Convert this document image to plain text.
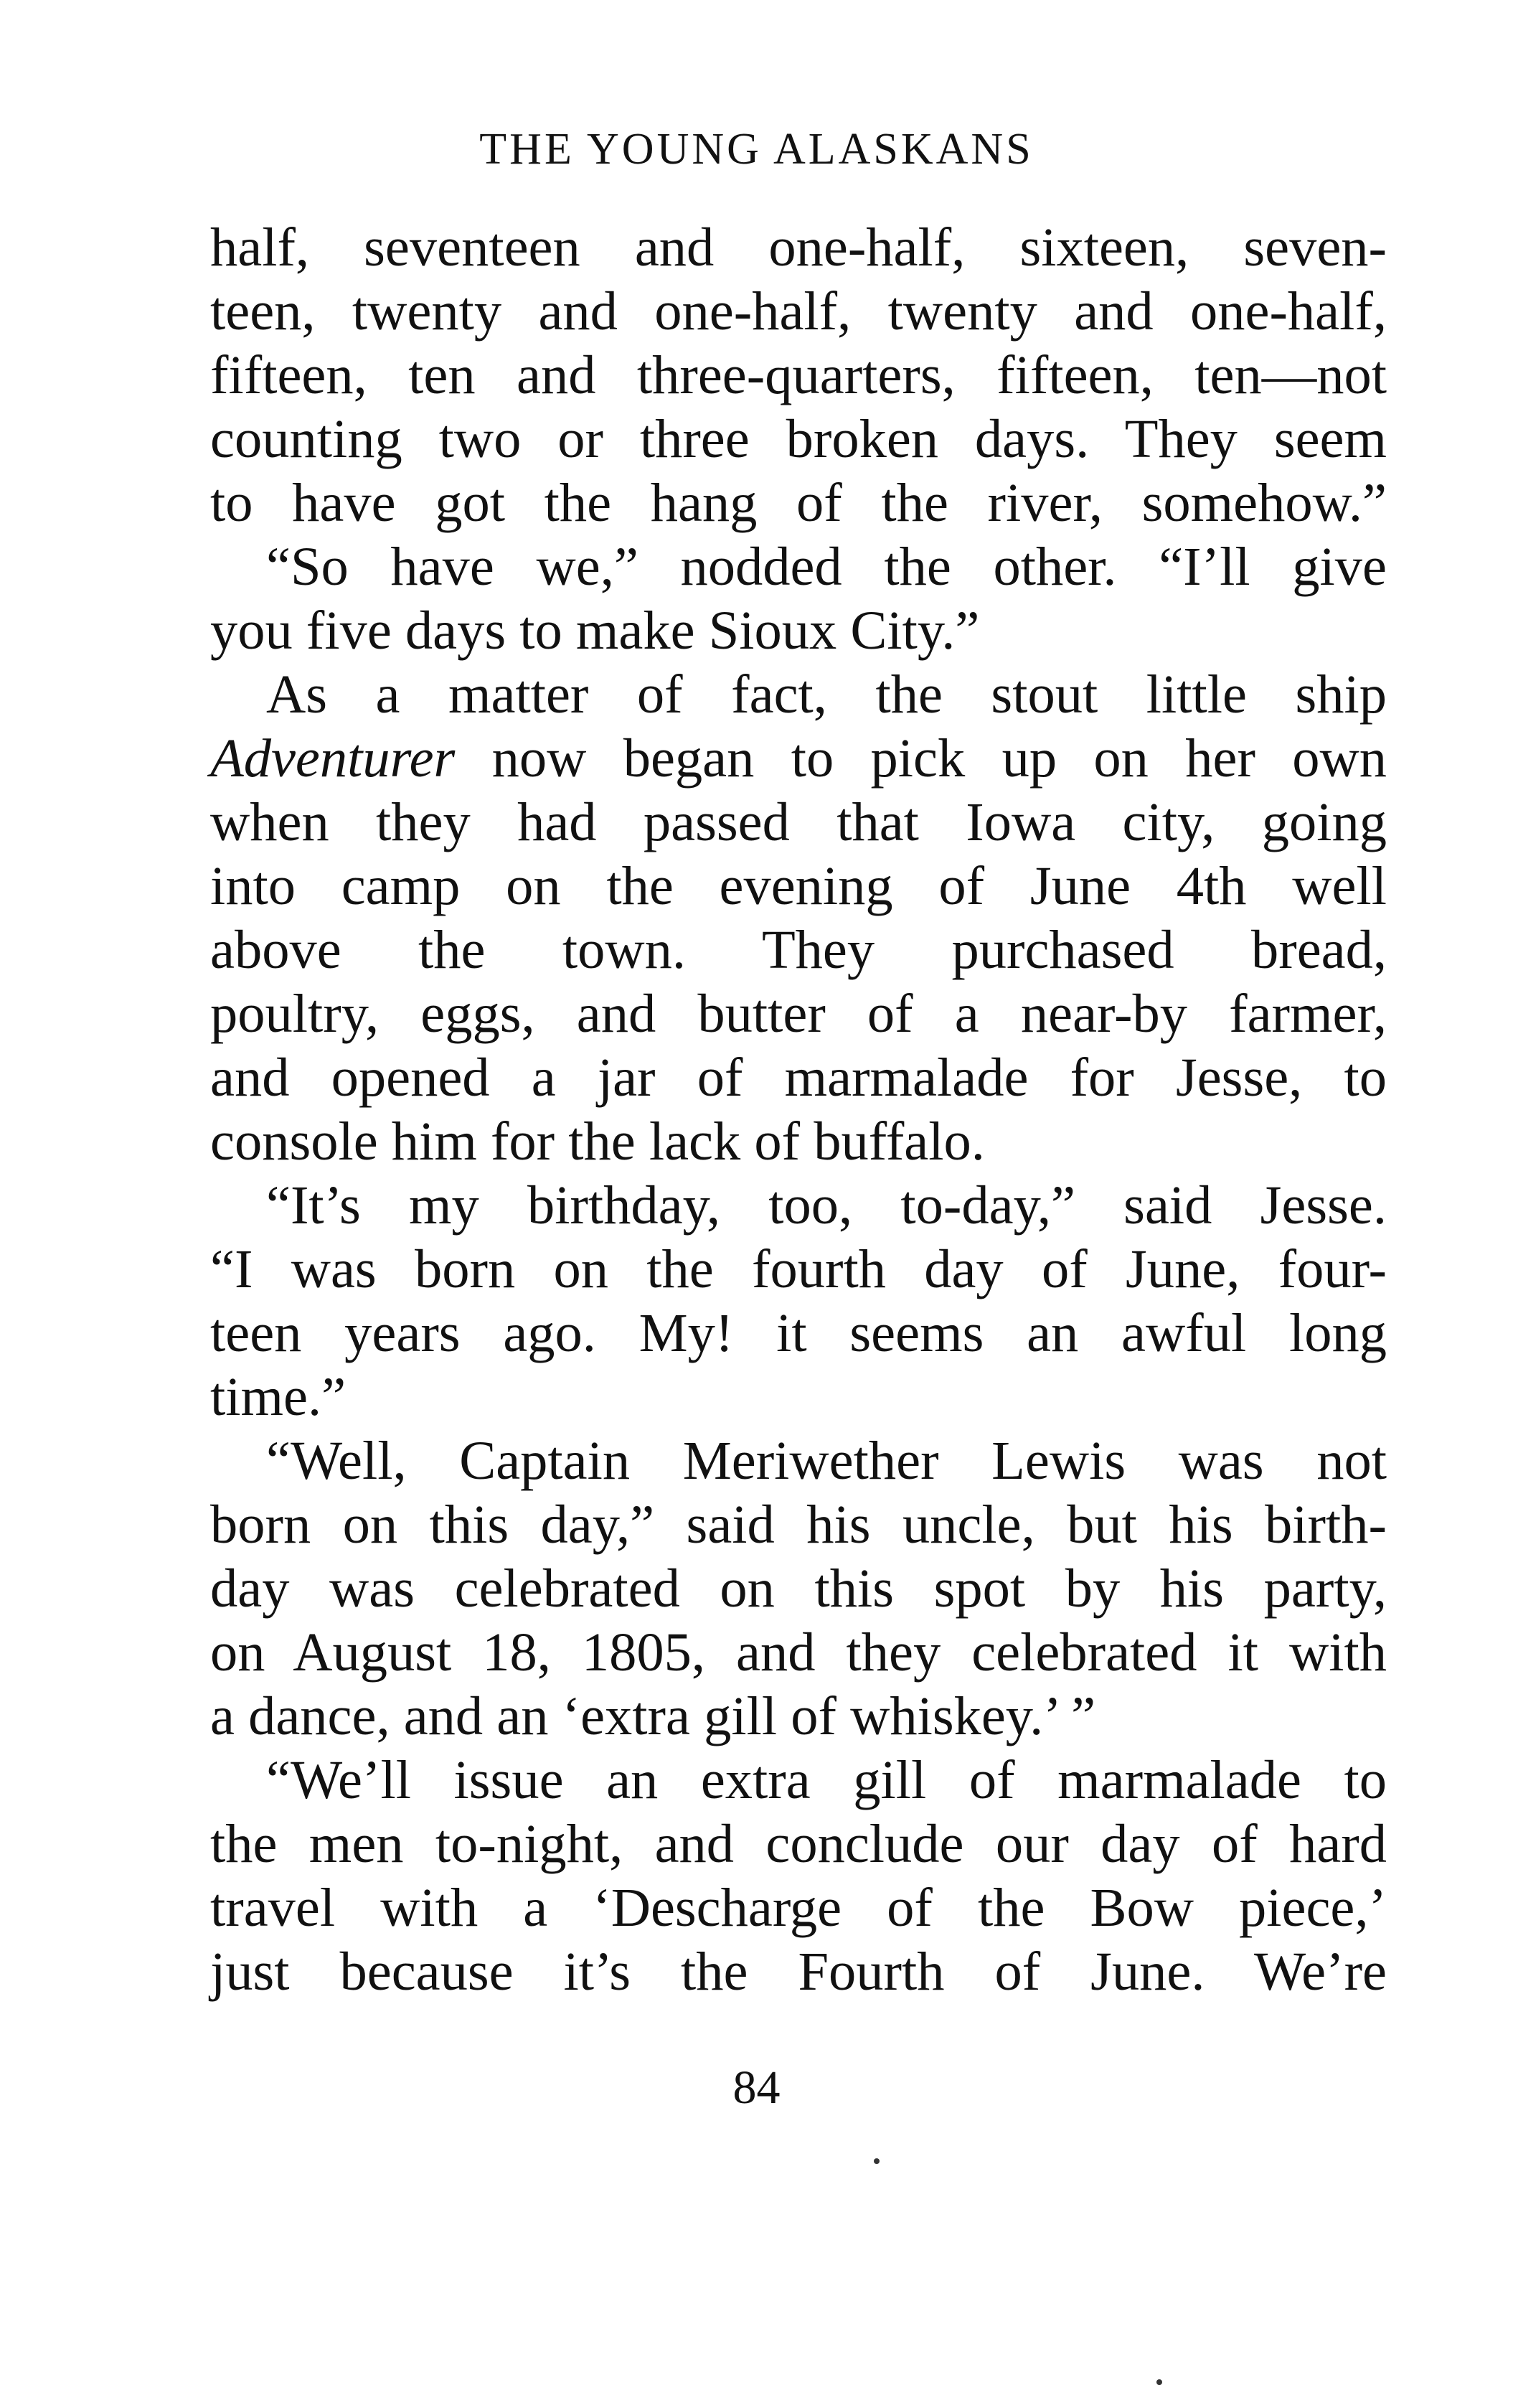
THE YOUNG ALASKANS
half, seventeen and one-half, sixteen, seven-
teen, twenty and one-half, twenty and one-half,
fifteen, ten and three-quarters, fifteen, ten—not
counting two or three broken days. They seem
to have got the hang of the river, somehow.”
“So have we,” nodded the other. “I’ll give
you five days to make Sioux City.”
As a matter of fact, the stout little ship
Adventurer now began to pick up on her own
when they had passed that Iowa city, going
into camp on the evening of June 4th well
above the town. They purchased bread,
poultry, eggs, and butter of a near-by farmer,
and opened a jar of marmalade for Jesse, to
console him for the lack of buffalo.
“It’s my birthday, too, to-day,” said Jesse.
“I was born on the fourth day of June, four-
teen years ago. My! it seems an awful long
time.”
“Well, Captain Meriwether Lewis was not
born on this day,” said his uncle, but his birth-
day was celebrated on this spot by his party,
on August 18, 1805, and they celebrated it with
a dance, and an ‘extra gill of whiskey.’ ”
“We’ll issue an extra gill of marmalade to
the men to-night, and conclude our day of hard
travel with a ‘Descharge of the Bow piece,’
just because it’s the Fourth of June. We’re
84
